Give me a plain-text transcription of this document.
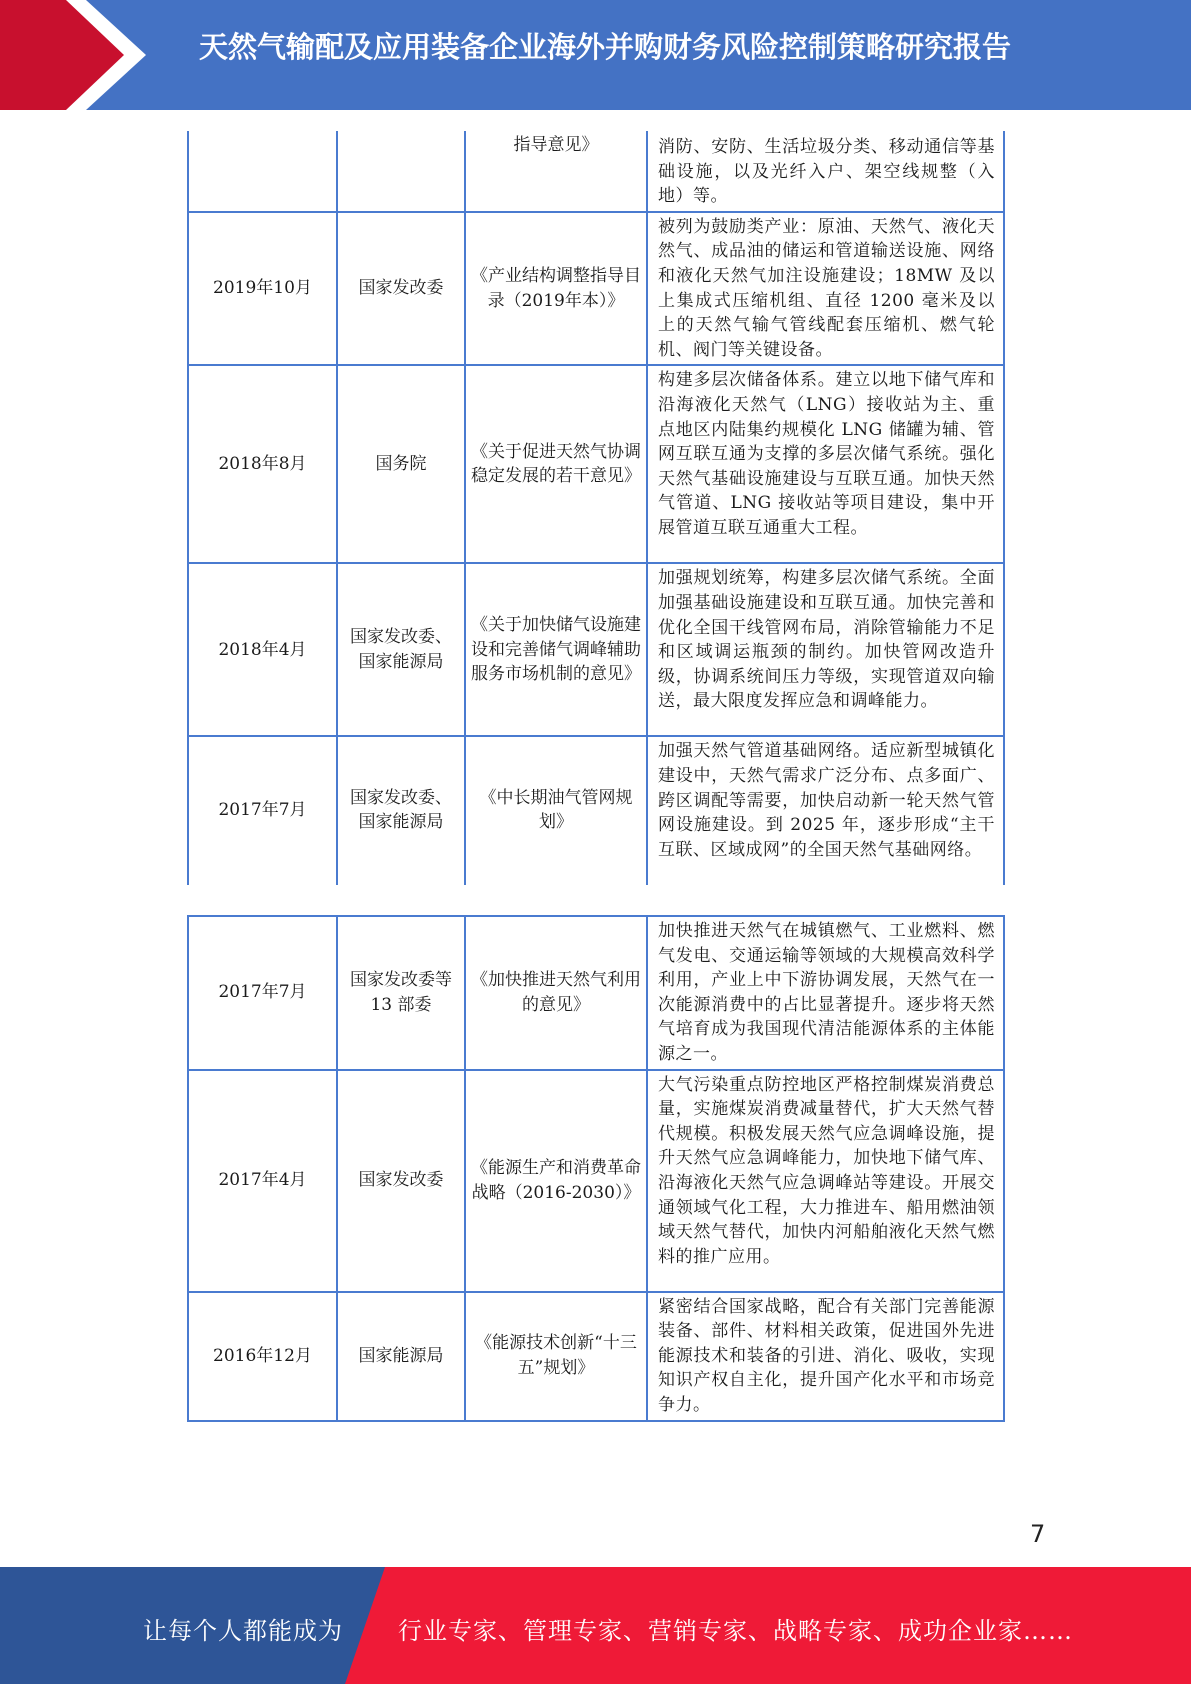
天然气输配及应用装备企业海外并购财务风险控制策略研究报告
		指导意见》	消防、安防、生活垃圾分类、移动通信等基础设施，以及光纤入户、架空线规整（入地）等。
2019年10月	国家发改委	《产业结构调整指导目录（2019年本）》	被列为鼓励类产业：原油、天然气、液化天然气、成品油的储运和管道输送设施、网络和液化天然气加注设施建设；18MW 及以上集成式压缩机组、直径 1200 毫米及以上的天然气输气管线配套压缩机、燃气轮机、阀门等关键设备。
2018年8月	国务院	《关于促进天然气协调稳定发展的若干意见》	构建多层次储备体系。建立以地下储气库和沿海液化天然气（LNG）接收站为主、重点地区内陆集约规模化 LNG 储罐为辅、管网互联互通为支撑的多层次储气系统。强化天然气基础设施建设与互联互通。加快天然气管道、LNG 接收站等项目建设，集中开展管道互联互通重大工程。
2018年4月	国家发改委、国家能源局	《关于加快储气设施建设和完善储气调峰辅助服务市场机制的意见》	加强规划统筹，构建多层次储气系统。全面加强基础设施建设和互联互通。加快完善和优化全国干线管网布局，消除管输能力不足和区域调运瓶颈的制约。加快管网改造升级，协调系统间压力等级，实现管道双向输送，最大限度发挥应急和调峰能力。
2017年7月	国家发改委、国家能源局	《中长期油气管网规划》	加强天然气管道基础网络。适应新型城镇化建设中，天然气需求广泛分布、点多面广、跨区调配等需要，加快启动新一轮天然气管网设施建设。到 2025 年，逐步形成“主干互联、区域成网”的全国天然气基础网络。
2017年7月	国家发改委等 13 部委	《加快推进天然气利用的意见》	加快推进天然气在城镇燃气、工业燃料、燃气发电、交通运输等领域的大规模高效科学利用，产业上中下游协调发展，天然气在一次能源消费中的占比显著提升。逐步将天然气培育成为我国现代清洁能源体系的主体能源之一。
2017年4月	国家发改委	《能源生产和消费革命战略（2016-2030）》	大气污染重点防控地区严格控制煤炭消费总量，实施煤炭消费减量替代，扩大天然气替代规模。积极发展天然气应急调峰设施，提升天然气应急调峰能力，加快地下储气库、沿海液化天然气应急调峰站等建设。开展交通领域气化工程，大力推进车、船用燃油领域天然气替代，加快内河船舶液化天然气燃料的推广应用。
2016年12月	国家能源局	《能源技术创新“十三五”规划》	紧密结合国家战略，配合有关部门完善能源装备、部件、材料相关政策，促进国外先进能源技术和装备的引进、消化、吸收，实现知识产权自主化，提升国产化水平和市场竞争力。
7
让每个人都能成为 行业专家、管理专家、营销专家、战略专家、成功企业家……
